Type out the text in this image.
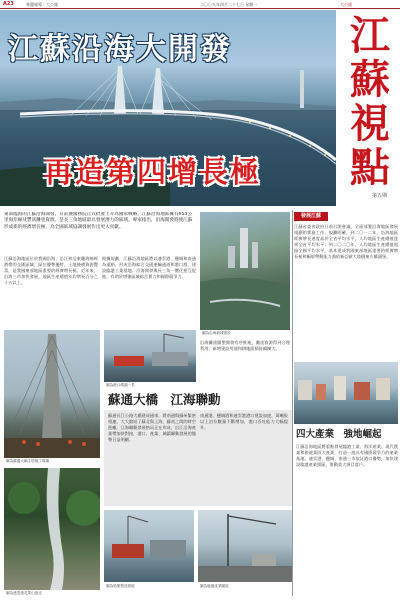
A23	專題報導｜大公報	二〇〇九年四月二十七日 星期一	大公報
江蘇沿海大開發
再造第四增長極
江
蘇
視
點
第五期
東部臨海的江蘇沿海開發，日前獲國務院正式批准上升為國家戰略。江蘇沿海地區擁有954公里海岸線及豐富灘塗資源，是長三角地區最具發展潛力的區域。專家指出，沿海開發將使江蘇形成新的經濟增長極，為全國區域協調發展作出更大貢獻。
江蘇沿海地區位於我國沿海、沿江和沿東隴海線經濟帶的交匯區域，區位優勢獨特，土地後備資源豐富，是我國東部地區重要的經濟增長極。近年來，沿海三市加快發展，地區生產總值年均增長百分之十五以上。
根據規劃，江蘇沿海地區將以連雲港、鹽城和南通為重點，形成沿海綜合交通運輸通道和港口群，建設臨港工業基地。沿海開發與長三角一體化相互促進，有助於增強區域綜合實力和國際競爭力。
圖為沿海新城建設
發展江蘇
江蘇省委省政府日前召開會議，全面部署沿海地區發展規劃的實施工作。規劃明確，到二〇一二年，沿海地區經濟增長速度高於全省平均水平，人均地區生產總值達到全省平均水平；到二〇二〇年，人均地區生產總值超過全國平均水平，基本建成我國東部地區重要的經濟增長極和輻射帶動能力強的新亞歐大陸橋東方橋頭堡。
圖為蘇通大橋主塔施工現場
圖為港口碼頭一景
沿海灘塗圍墾開發有序推進，灘塗資源得到合理利用，新增建設用地和耕地面積持續擴大。
蘇通大橋　江海聯動
蘇通長江公路大橋建成通車，將南通與蘇州緊密相連，大大縮短了蘇北與上海、蘇南之間的時空距離。江海聯動發展格局正在形成，沿江沿海產業帶加快對接，港口、產業、城鎮聯動發展的態勢日益明顯。
南通港、鹽城港和連雲港港口建設加速，萬噸級以上泊位數量不斷增加，港口吞吐能力大幅提升。
四大產業　強地崛起
江蘇沿海地區將重點發展臨港工業、海洋產業、現代農業和旅遊業四大產業，打造一批具有國際競爭力的產業基地。連雲港、鹽城、南通三市依託港口優勢，加快建設臨港產業園區，推動重大項目落戶。
圖為連雲港花果山風光
圖為船舶製造基地	圖為臨港產業園區
